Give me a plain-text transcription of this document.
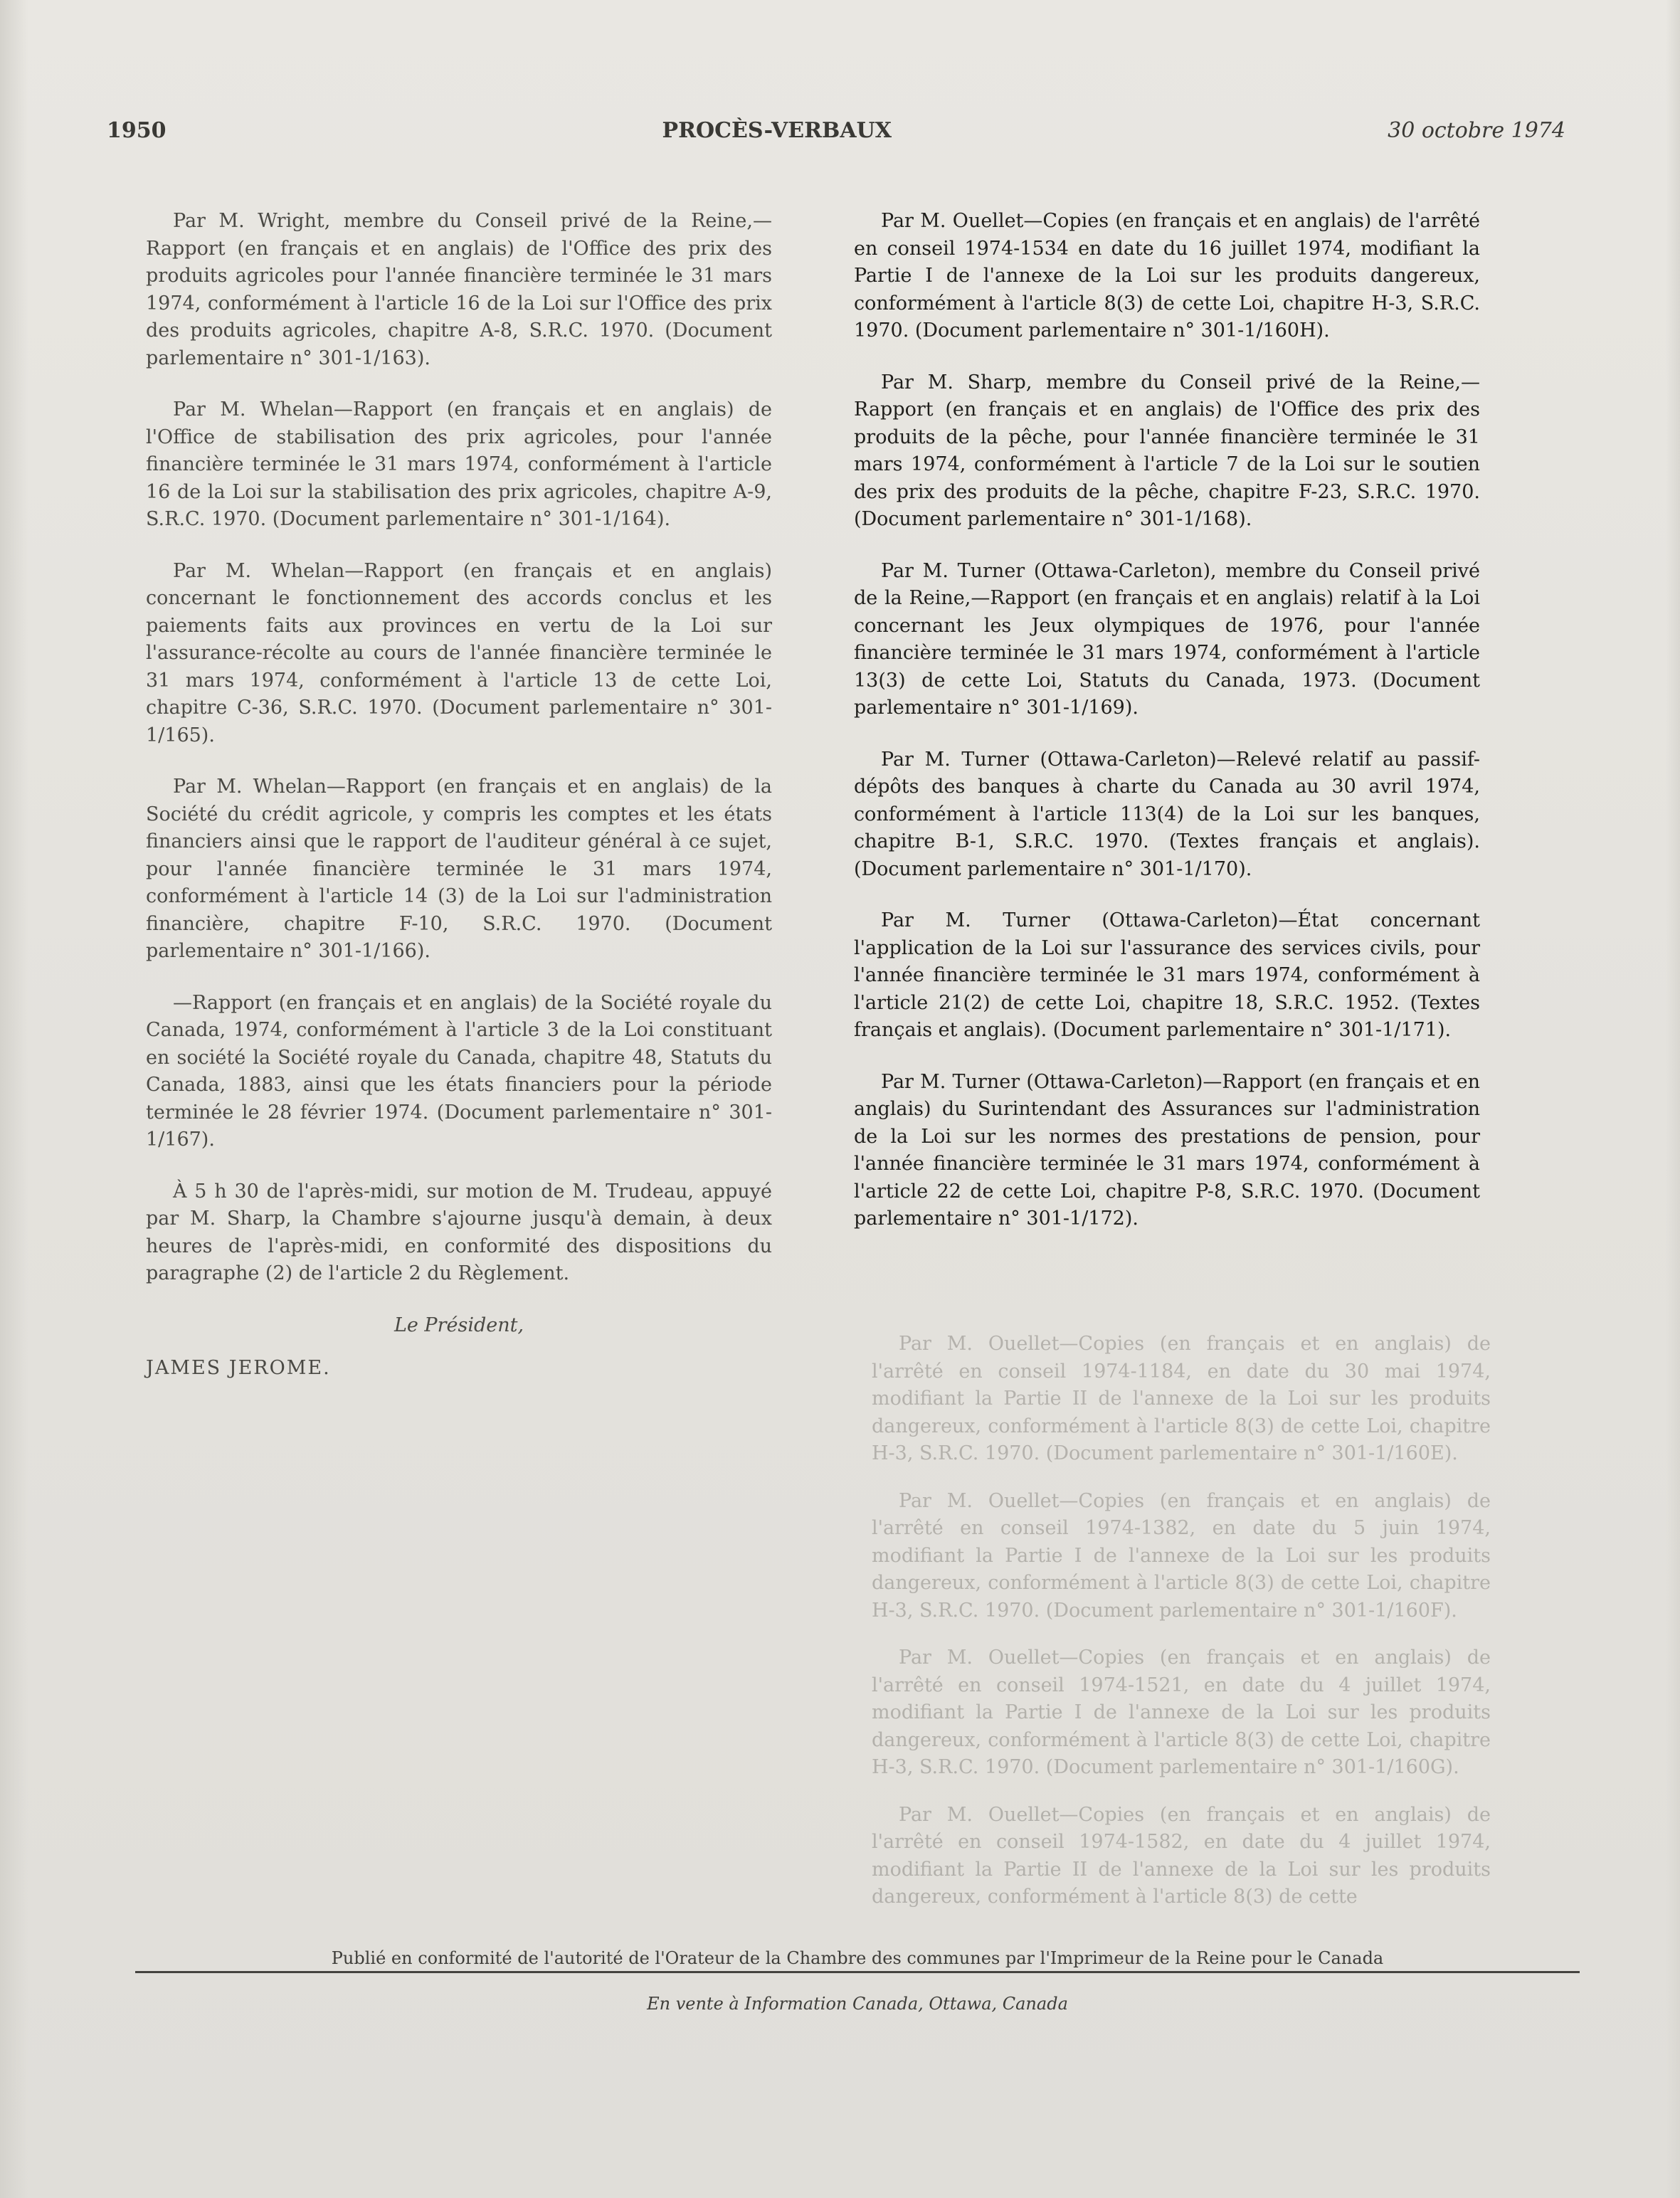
1950	PROCÈS-VERBAUX	30 octobre 1974

Par M. Wright, membre du Conseil privé de la Reine,—Rapport (en français et en anglais) de l'Office des prix des produits agricoles pour l'année financière terminée le 31 mars 1974, conformément à l'article 16 de la Loi sur l'Office des prix des produits agricoles, chapitre A-8, S.R.C. 1970. (Document parlementaire n° 301-1/163).

Par M. Whelan—Rapport (en français et en anglais) de l'Office de stabilisation des prix agricoles, pour l'année financière terminée le 31 mars 1974, conformément à l'article 16 de la Loi sur la stabilisation des prix agricoles, chapitre A-9, S.R.C. 1970. (Document parlementaire n° 301-1/164).

Par M. Whelan—Rapport (en français et en anglais) concernant le fonctionnement des accords conclus et les paiements faits aux provinces en vertu de la Loi sur l'assurance-récolte au cours de l'année financière terminée le 31 mars 1974, conformément à l'article 13 de cette Loi, chapitre C-36, S.R.C. 1970. (Document parlementaire n° 301-1/165).

Par M. Whelan—Rapport (en français et en anglais) de la Société du crédit agricole, y compris les comptes et les états financiers ainsi que le rapport de l'auditeur général à ce sujet, pour l'année financière terminée le 31 mars 1974, conformément à l'article 14 (3) de la Loi sur l'administration financière, chapitre F-10, S.R.C. 1970. (Document parlementaire n° 301-1/166).

—Rapport (en français et en anglais) de la Société royale du Canada, 1974, conformément à l'article 3 de la Loi constituant en société la Société royale du Canada, chapitre 48, Statuts du Canada, 1883, ainsi que les états financiers pour la période terminée le 28 février 1974. (Document parlementaire n° 301-1/167).

À 5 h 30 de l'après-midi, sur motion de M. Trudeau, appuyé par M. Sharp, la Chambre s'ajourne jusqu'à demain, à deux heures de l'après-midi, en conformité des dispositions du paragraphe (2) de l'article 2 du Règlement.

Le Président,
JAMES JEROME.

Par M. Ouellet—Copies (en français et en anglais) de l'arrêté en conseil 1974-1534 en date du 16 juillet 1974, modifiant la Partie I de l'annexe de la Loi sur les produits dangereux, conformément à l'article 8(3) de cette Loi, chapitre H-3, S.R.C. 1970. (Document parlementaire n° 301-1/160H).

Par M. Sharp, membre du Conseil privé de la Reine,—Rapport (en français et en anglais) de l'Office des prix des produits de la pêche, pour l'année financière terminée le 31 mars 1974, conformément à l'article 7 de la Loi sur le soutien des prix des produits de la pêche, chapitre F-23, S.R.C. 1970. (Document parlementaire n° 301-1/168).

Par M. Turner (Ottawa-Carleton), membre du Conseil privé de la Reine,—Rapport (en français et en anglais) relatif à la Loi concernant les Jeux olympiques de 1976, pour l'année financière terminée le 31 mars 1974, conformément à l'article 13(3) de cette Loi, Statuts du Canada, 1973. (Document parlementaire n° 301-1/169).

Par M. Turner (Ottawa-Carleton)—Relevé relatif au passif-dépôts des banques à charte du Canada au 30 avril 1974, conformément à l'article 113(4) de la Loi sur les banques, chapitre B-1, S.R.C. 1970. (Textes français et anglais). (Document parlementaire n° 301-1/170).

Par M. Turner (Ottawa-Carleton)—État concernant l'application de la Loi sur l'assurance des services civils, pour l'année financière terminée le 31 mars 1974, conformément à l'article 21(2) de cette Loi, chapitre 18, S.R.C. 1952. (Textes français et anglais). (Document parlementaire n° 301-1/171).

Par M. Turner (Ottawa-Carleton)—Rapport (en français et en anglais) du Surintendant des Assurances sur l'administration de la Loi sur les normes des prestations de pension, pour l'année financière terminée le 31 mars 1974, conformément à l'article 22 de cette Loi, chapitre P-8, S.R.C. 1970. (Document parlementaire n° 301-1/172).

Par M. Ouellet—Copies (en français et en anglais) de l'arrêté en conseil 1974-1184, en date du 30 mai 1974, modifiant la Partie II de l'annexe de la Loi sur les produits dangereux, conformément à l'article 8(3) de cette Loi, chapitre H-3, S.R.C. 1970. (Document parlementaire n° 301-1/160E).

Par M. Ouellet—Copies (en français et en anglais) de l'arrêté en conseil 1974-1382, en date du 5 juin 1974, modifiant la Partie I de l'annexe de la Loi sur les produits dangereux, conformément à l'article 8(3) de cette Loi, chapitre H-3, S.R.C. 1970. (Document parlementaire n° 301-1/160F).

Par M. Ouellet—Copies (en français et en anglais) de l'arrêté en conseil 1974-1521, en date du 4 juillet 1974, modifiant la Partie I de l'annexe de la Loi sur les produits dangereux, conformément à l'article 8(3) de cette Loi, chapitre H-3, S.R.C. 1970. (Document parlementaire n° 301-1/160G).

Par M. Ouellet—Copies (en français et en anglais) de l'arrêté en conseil 1974-1582, en date du 4 juillet 1974, modifiant la Partie II de l'annexe de la Loi sur les produits dangereux, conformément à l'article 8(3) de cette

Publié en conformité de l'autorité de l'Orateur de la Chambre des communes par l'Imprimeur de la Reine pour le Canada
En vente à Information Canada, Ottawa, Canada
